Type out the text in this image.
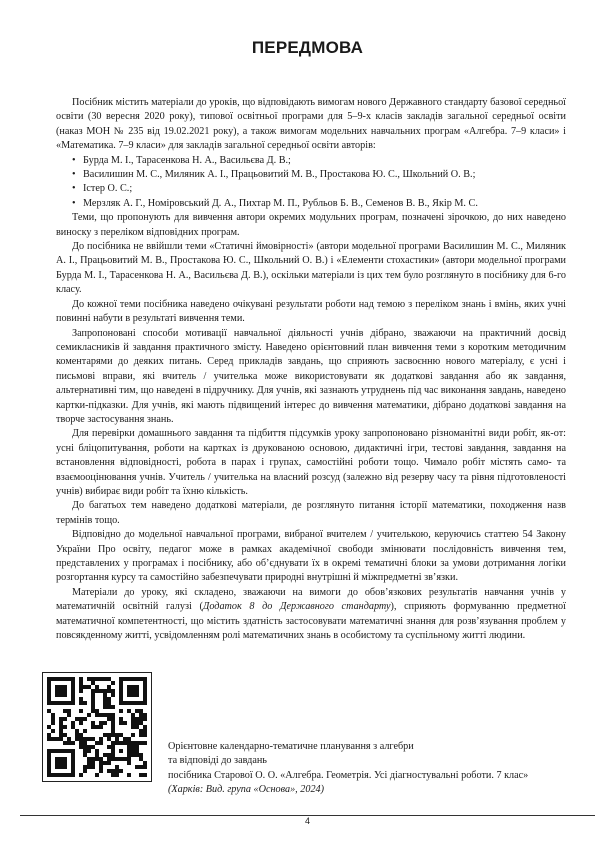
ПЕРЕДМОВА

Посібник містить матеріали до уроків, що відповідають вимогам нового Державного стандарту базової середньої освіти (30 вересня 2020 року), типової освітньої програми для 5–9-х класів закладів загальної середньої освіти (наказ МОН № 235 від 19.02.2021 року), а також вимогам модельних навчальних програм «Алгебра. 7–9 класи» і «Математика. 7–9 класи» для закладів загальної середньої освіти авторів:

• Бурда М. І., Тарасенкова Н. А., Васильєва Д. В.;
• Василишин М. С., Миляник А. І., Працьовитий М. В., Простакова Ю. С., Школьний О. В.;
• Істер О. С.;
• Мерзляк А. Г., Номіровський Д. А., Пихтар М. П., Рубльов Б. В., Семенов В. В., Якір М. С.

Теми, що пропонують для вивчення автори окремих модульних програм, позначені зірочкою, до них наведено виноску з переліком відповідних програм.

До посібника не ввійшли теми «Статичні ймовірності» (автори модельної програми Василишин М. С., Миляник А. І., Працьовитий М. В., Простакова Ю. С., Школьний О. В.) і «Елементи стохастики» (автори модельної програми Бурда М. І., Тарасенкова Н. А., Васильєва Д. В.), оскільки матеріали із цих тем було розглянуто в посібнику для 6-го класу.

До кожної теми посібника наведено очікувані результати роботи над темою з переліком знань і вмінь, яких учні повинні набути в результаті вивчення теми.

Запропоновані способи мотивації навчальної діяльності учнів дібрано, зважаючи на практичний досвід семикласників й завдання практичного змісту. Наведено орієнтовний план вивчення теми з коротким методичним коментарями до деяких питань. Серед прикладів завдань, що сприяють засвоєнню нового матеріалу, є усні і письмові вправи, які вчитель / учителька може використовувати як додаткові завдання або як завдання, альтернативні тим, що наведені в підручнику. Для учнів, які зазнають утруднень під час виконання завдань, наведено картки-підказки. Для учнів, які мають підвищений інтерес до вивчення математики, дібрано додаткові завдання на творче застосування знань.

Для перевірки домашнього завдання та підбиття підсумків уроку запропоновано різноманітні види робіт, як-от: усні бліцопитування, роботи на картках із друкованою основою, дидактичні ігри, тестові завдання, завдання на встановлення відповідності, робота в парах і групах, самостійні роботи тощо. Чимало робіт містять само- та взаємооцінювання учнів. Учитель / учителька на власний розсуд (залежно від резерву часу та рівня підготовленості учнів) вибирає види робіт та їхню кількість.

До багатьох тем наведено додаткові матеріали, де розглянуто питання історії математики, походження назв термінів тощо.

Відповідно до модельної навчальної програми, вибраної вчителем / учителькою, керуючись статтею 54 Закону України Про освіту, педагог може в рамках академічної свободи змінювати послідовність вивчення тем, представлених у програмах і посібнику, або об’єднувати їх в окремі тематичні блоки за умови дотримання логіки розгортання курсу та самостійно забезпечувати природні внутрішні й міжпредметні зв’язки.

Матеріали до уроку, які складено, зважаючи на вимоги до обов’язкових результатів навчання учнів у математичній освітній галузі (Додаток 8 до Державного стандарту), сприяють формуванню предметної математичної компетентності, що містить здатність застосовувати математичні знання для розв’язування проблем у повсякденному житті, усвідомленням ролі математичних знань в особистому та суспільному житті людини.

Орієнтовне календарно-тематичне планування з алгебри
та відповіді до завдань
посібника Старової О. О. «Алгебра. Геометрія. Усі діагностувальні роботи. 7 клас»
(Харків: Вид. група «Основа», 2024)
4
